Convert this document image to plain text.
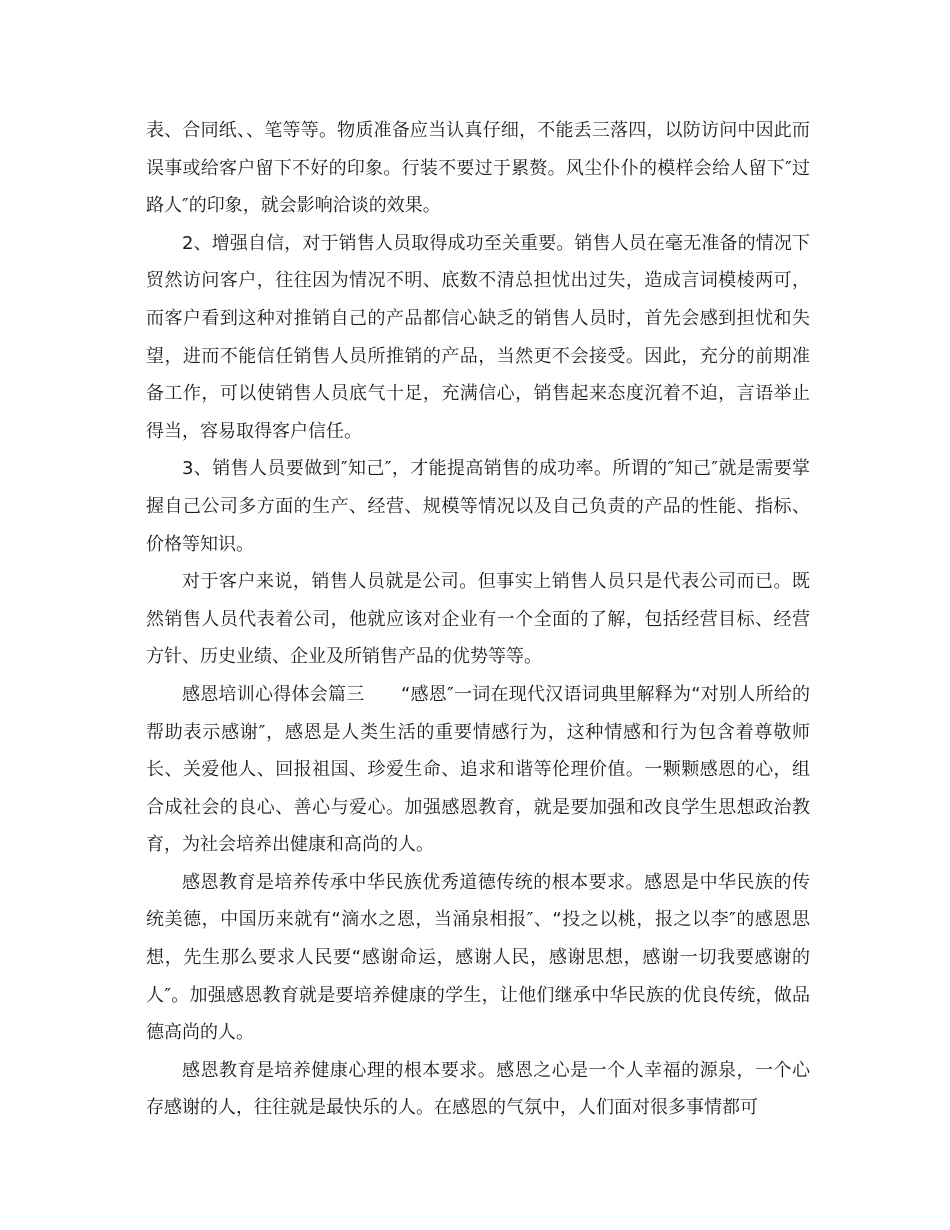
表、合同纸、、笔等等。物质准备应当认真仔细，不能丢三落四，以防访问中因此而误事或给客户留下不好的印象。行装不要过于累赘。风尘仆仆的模样会给人留下″过路人″的印象，就会影响洽谈的效果。

2、增强自信，对于销售人员取得成功至关重要。销售人员在毫无准备的情况下贸然访问客户，往往因为情况不明、底数不清总担忧出过失，造成言词模棱两可，而客户看到这种对推销自己的产品都信心缺乏的销售人员时，首先会感到担忧和失望，进而不能信任销售人员所推销的产品，当然更不会接受。因此，充分的前期准备工作，可以使销售人员底气十足，充满信心，销售起来态度沉着不迫，言语举止得当，容易取得客户信任。

3、销售人员要做到″知己″，才能提高销售的成功率。所谓的″知己″就是需要掌握自己公司多方面的生产、经营、规模等情况以及自己负责的产品的性能、指标、价格等知识。

对于客户来说，销售人员就是公司。但事实上销售人员只是代表公司而已。既然销售人员代表着公司，他就应该对企业有一个全面的了解，包括经营目标、经营方针、历史业绩、企业及所销售产品的优势等等。

感恩培训心得体会篇三　　“感恩″一词在现代汉语词典里解释为“对别人所给的帮助表示感谢″，感恩是人类生活的重要情感行为，这种情感和行为包含着尊敬师长、关爱他人、回报祖国、珍爱生命、追求和谐等伦理价值。一颗颗感恩的心，组合成社会的良心、善心与爱心。加强感恩教育，就是要加强和改良学生思想政治教育，为社会培养出健康和高尚的人。

感恩教育是培养传承中华民族优秀道德传统的根本要求。感恩是中华民族的传统美德，中国历来就有“滴水之恩，当涌泉相报″、“投之以桃，报之以李″的感恩思想，先生那么要求人民要“感谢命运，感谢人民，感谢思想，感谢一切我要感谢的人″。加强感恩教育就是要培养健康的学生，让他们继承中华民族的优良传统，做品德高尚的人。

感恩教育是培养健康心理的根本要求。感恩之心是一个人幸福的源泉，一个心存感谢的人，往往就是最快乐的人。在感恩的气氛中，人们面对很多事情都可
